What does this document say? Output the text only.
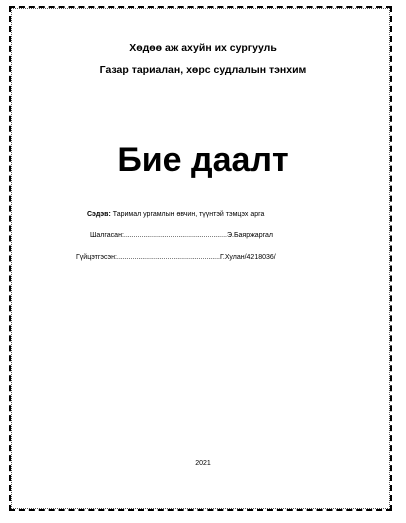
Хөдөө аж ахуйн их сургууль
Газар тариалан, хөрс судлалын тэнхим
Бие даалт
Сэдэв: Таримал ургамлын өвчин, түүнтэй тэмцэх арга
Шалгасан:.....................................................Э.Баяржаргал
Гүйцэтгэсэн:.....................................................Г.Хулан/4218036/
2021
